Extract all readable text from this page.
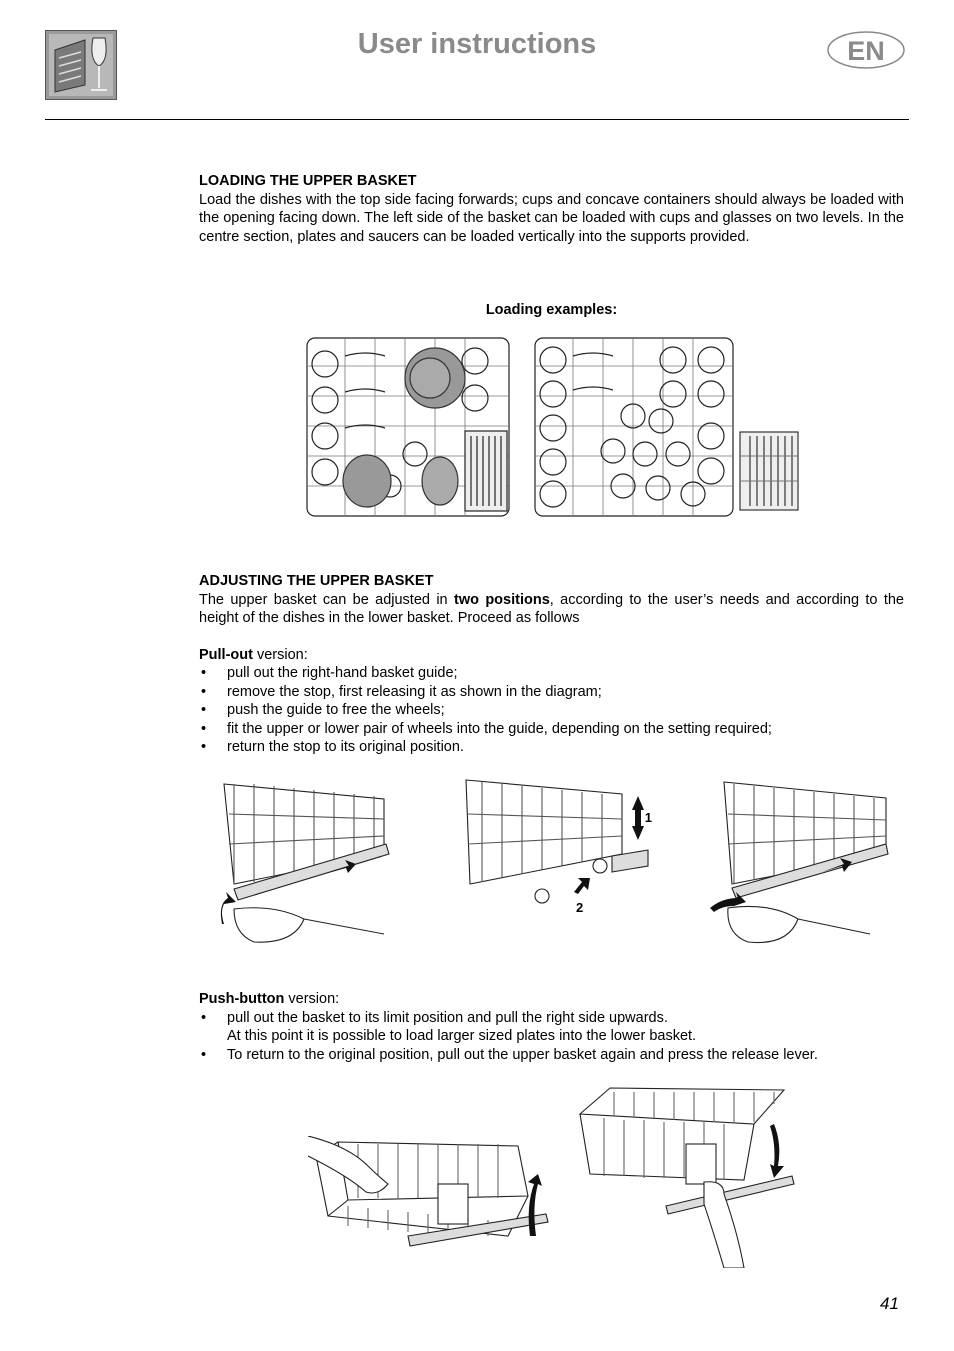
User instructions	EN

LOADING THE UPPER BASKET

Load the dishes with the top side facing forwards; cups and concave containers should always be loaded with the opening facing down. The left side of the basket can be loaded with cups and glasses on two levels. In the centre section, plates and saucers can be loaded vertically into the supports provided.

Loading examples:

ADJUSTING THE UPPER BASKET

The upper basket can be adjusted in two positions, according to the user’s needs and according to the height of the dishes in the lower basket. Proceed as follows

Pull-out version:

• pull out the right-hand basket guide;
• remove the stop, first releasing it as shown in the diagram;
• push the guide to free the wheels;
• fit the upper or lower pair of wheels into the guide, depending on the setting required;
• return the stop to its original position.
1
2

Push-button version:

• pull out the basket to its limit position and pull the right side upwards.
At this point it is possible to load larger sized plates into the lower basket.
• To return to the original position, pull out the upper basket again and press the release lever.
41
